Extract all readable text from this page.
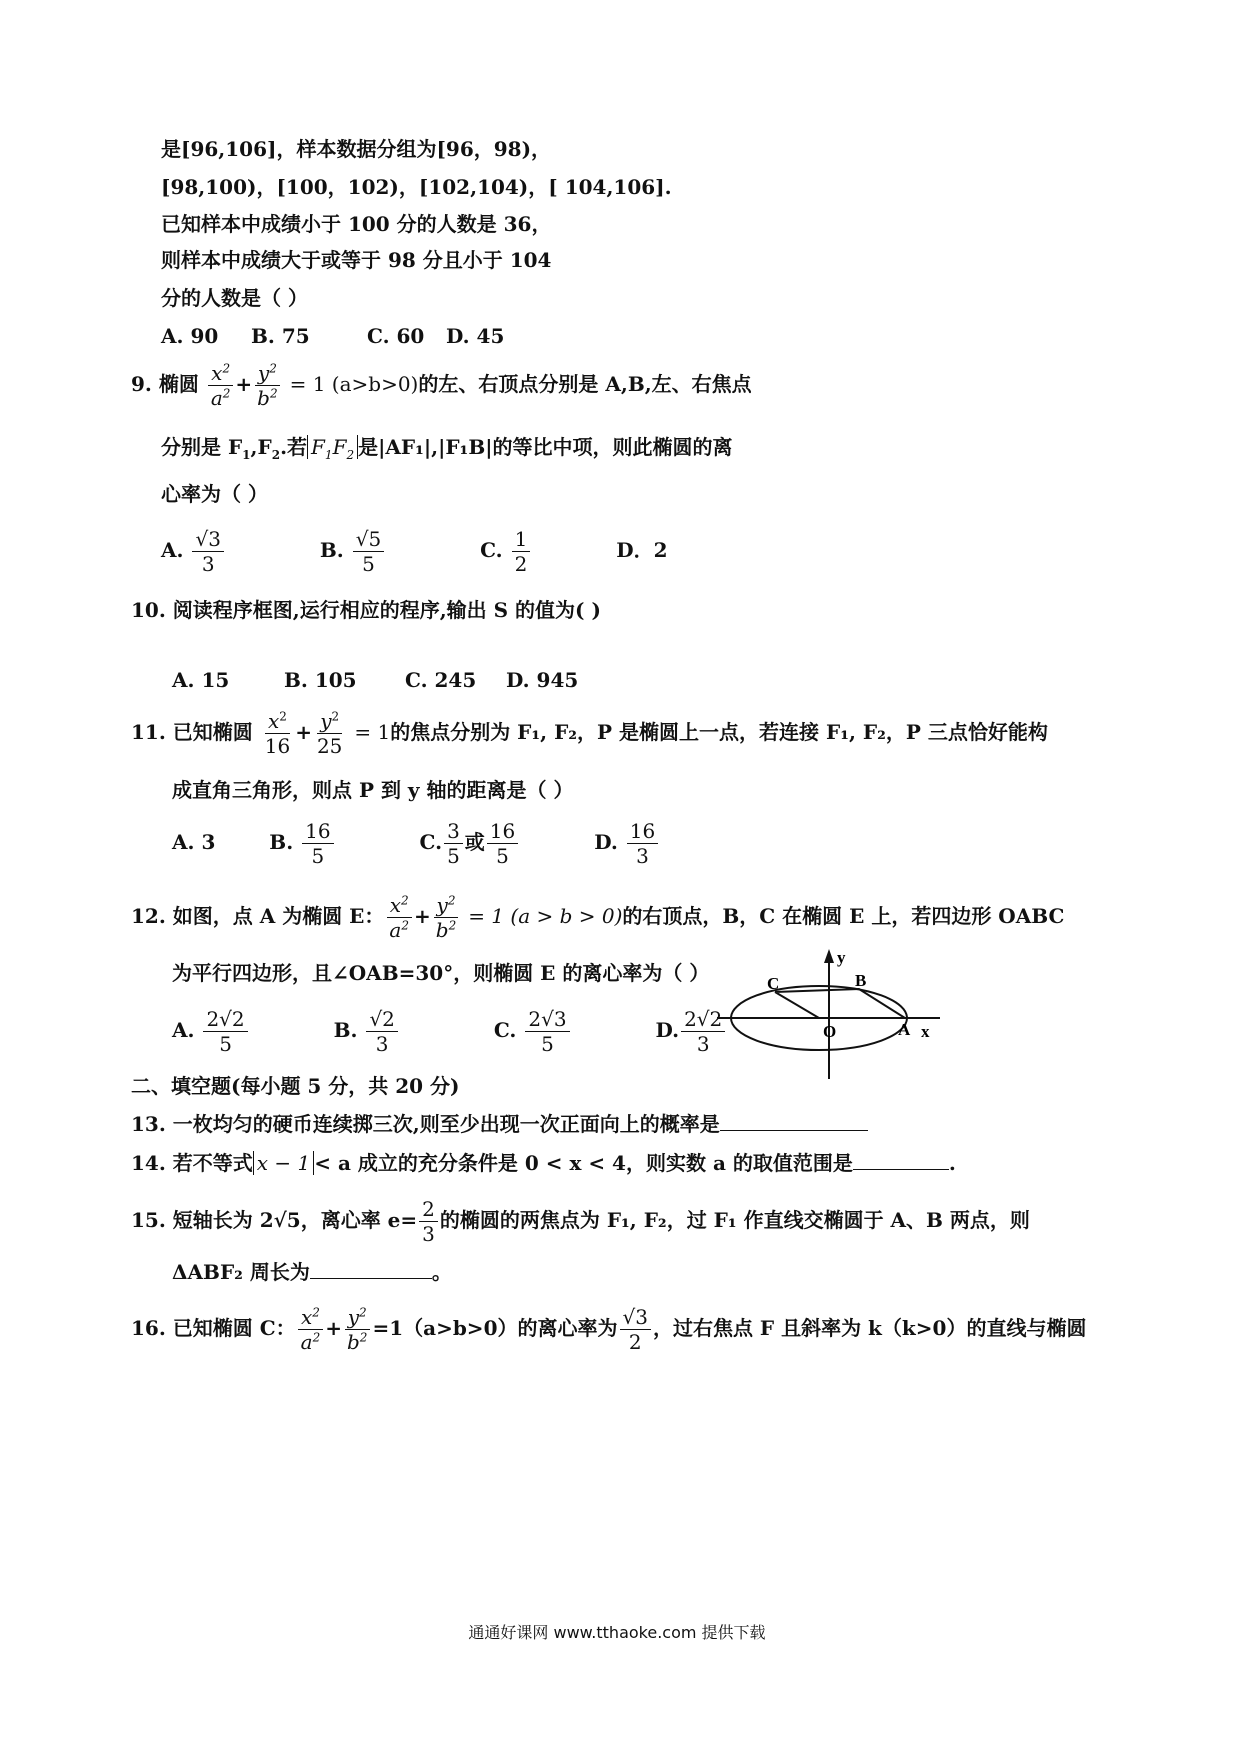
是[96,106]，样本数据分组为[96，98)，
[98,100)，[100，102)，[102,104)，[ 104,106].
已知样本中成绩小于 100 分的人数是 36，
则样本中成绩大于或等于 98 分且小于 104
分的人数是（ ）
A. 90 B. 75	C. 60 D. 45
9. 椭圆 $\frac{x^2}{a^2} + \frac{y^2}{b^2} = 1$ (a>b>0)的左、右顶点分别是 A,B,左、右焦点
分别是 $F_1,F_2$.若 $F_1F_2$ 是|AF₁|,|F₁B|的等比中项，则此椭圆的离
心率为（ ）
A. $\frac{√3}{3}$	B. $\frac{√5}{5}$	C. $\frac{1}{2}$	D．2
10. 阅读程序框图,运行相应的程序,输出 S 的值为( )
A. 15	B. 105 C. 245 D. 945
11. 已知椭圆 $\frac{x^2}{16} + \frac{y^2}{25} = 1$的焦点分别为 F₁, F₂，P 是椭圆上一点，若连接 F₁, F₂，P 三点恰好能构
成直角三角形，则点 P 到 y 轴的距离是（ ）
A. 3	B. $\frac{16}{5}$	C. $\frac{3}{5}$ 或 $\frac{16}{5}$	D. $\frac{16}{3}$
12. 如图，点 A 为椭圆 E： $\frac{x^2}{a^2} + \frac{y^2}{b^2} = 1$ (a > b > 0)的右顶点，B，C 在椭圆 E 上，若四边形 OABC
为平行四边形，且∠OAB=30°，则椭圆 E 的离心率为（ ）
A. $\frac{2√2}{5}$	B. $\frac{√2}{3}$	C. $\frac{2√3}{5}$	D. $\frac{2√2}{3}$
C	B
O	A x
y
二、填空题(每小题 5 分，共 20 分)
13. 一枚均匀的硬币连续掷三次,则至少出现一次正面向上的概率是
14. 若不等式 x − 1 < a 成立的充分条件是 0 < x < 4，则实数 a 的取值范围是	.
15. 短轴长为 2√5，离心率 $e= \frac{2}{3}$ 的椭圆的两焦点为 F₁, F₂，过 F₁ 作直线交椭圆于 A、B 两点，则
ΔABF₂ 周长为	。
16. 已知椭圆 C： $\frac{x^2}{a^2} + \frac{y^2}{b^2} =1(a>b>0)$的离心率为 $\frac{√3}{2}$ ，过右焦点 F 且斜率为 k（k>0）的直线与椭圆
通通好课网 www.tthaoke.com 提供下载
